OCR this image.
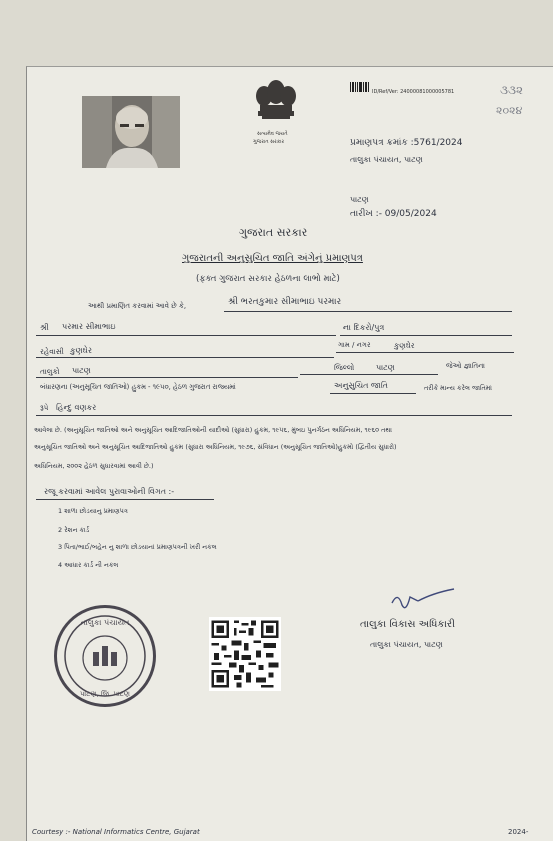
૩૩૨
૨૦૨૪
સત્યમેવ જયતે
ગુજરાત સરકાર
ID/Ref/Ver: 24000081000005781
પ્રમાણપત્ર ક્રમાંક :5761/2024
તાલુકા પંચાયત, પાટણ
પાટણ
તારીખ :- 09/05/2024
ગુજરાત સરકાર
ગુજરાતની અનુસુચિત જાતિ અંગેનું પ્રમાણપત્ર
(ફક્ત ગુજરાત સરકાર હેઠળના લાભો માટે)
આથી પ્રમાણિત કરવામાં આવે છે કે,	શ્રી ભરતકુમાર સીમાભાઇ પરમાર
શ્રી પરમાર સીમાભાઇ	ના દિકરો/પુત્ર
રહેવાસી કુણઘેર
ગામ / નગર	કુણઘેર
તાલુકો પાટણ	જિલ્લો	પાટણ	જેઓ જ્ઞાતિના
બંધારણના (અનુસૂચિત જાતિઓ) હુકમ - ૧૯૫૦, હેઠળ ગુજરાત રાજ્યમાં	અનુસુચિત જાતિ	તરીકે માન્ય કરેલ જાતિમાં
રૂપે હિન્દુ વણકર
આવેલા છે. (અનુસૂચિત જાતિઓ અને અનુસૂચિત આદિજાતિઓની યાદીઓ (સુધારા) હુકમ, ૧૯૫૬, મુંબઇ પુનર્ગઠન અધિનિયમ, ૧૯૬૦ તથા
અનુસૂચિત જાતિઓ અને અનુસૂચિત આદિજાતિઓ હુકમ (સુધારા અધિનિયમ, ૧૯૭૬, સંવિધાન (અનુસૂચિત જાતિઓ)હુકમો (દ્વિતીય સુધારો)
અધિનિયમ, ૨૦૦૨ હેઠળ સુધારવામાં આવી છે.)
રજૂ કરવામાં આવેલ પુરાવાઓની વિગત :-
1 શાળા છોડયાનુ પ્રમાણપત્ર
2 રેશન કાર્ડ
3 પિતા/ભાઈ/બહેન નુ શાળા છોડયાનાં પ્રમાણપત્રની ખરી નકલ
4 આધાર કાર્ડ ની નકલ
તાલુકા વિકાસ અધિકારી
તાલુકા પંચાયત, પાટણ
તાલુકા પંચાયત
પાટણ, જિ. પાટણ
Courtesy :- National Informatics Centre, Gujarat	2024-
